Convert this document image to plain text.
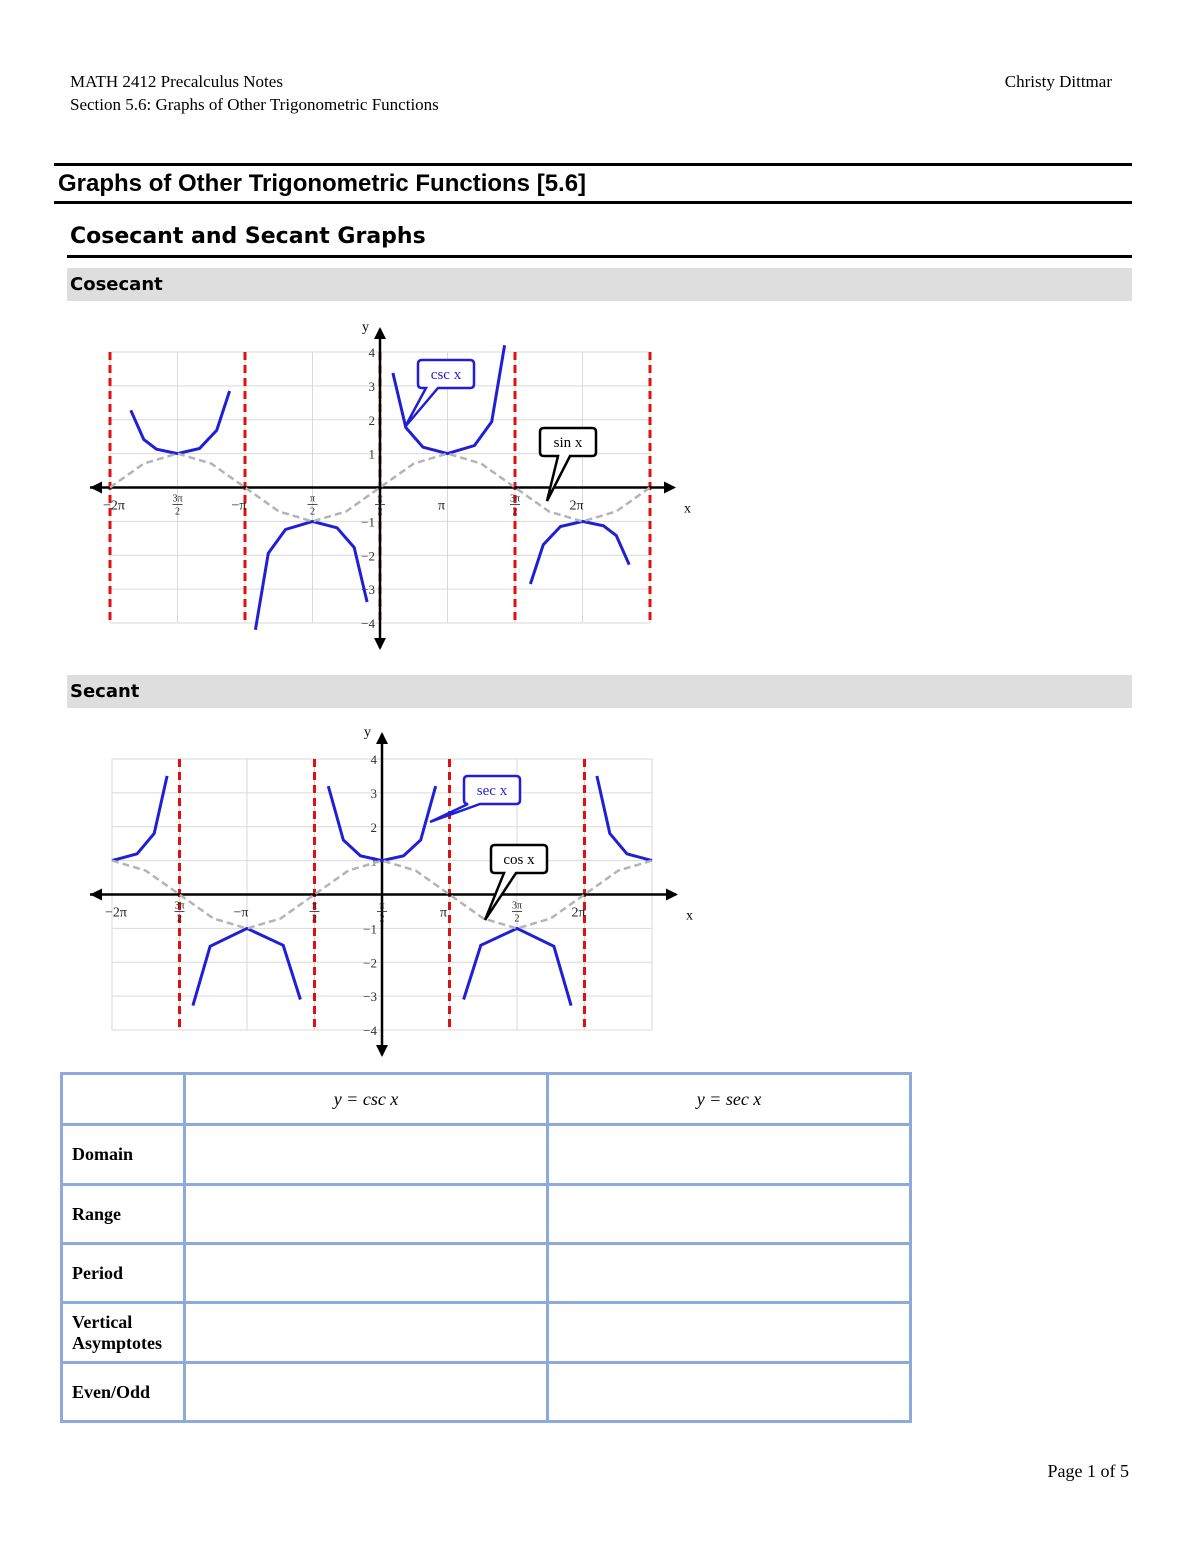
MATH 2412 Precalculus Notes
Section 5.6: Graphs of Other Trigonometric Functions
Christy Dittmar
Graphs of Other Trigonometric Functions [5.6]
Cosecant and Secant Graphs
Cosecant
x
y
−2π	3π
2	−π	π
2
π
2	π	3π
2	2π
4
3
2
1
−1
−2
−3
−4
csc x
sin x
Secant
x
y
−2π	3π
2	−π	π
2
π
2	π	3π
2	2π
4
3
2
1
−1
−2
−3
−4
sec x
cos x
	y = csc x	y = sec x
Domain		
Range		
Period		
Vertical Asymptotes		
Even/Odd		
Page 1 of 5
